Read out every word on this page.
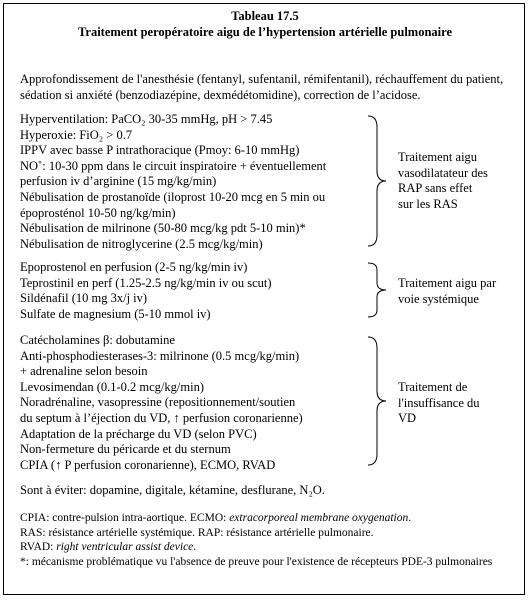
Tableau 17.5
Traitement peropératoire aigu de l’hypertension artérielle pulmonaire
Approfondissement de l'anesthésie (fentanyl, sufentanil, rémifentanil), réchauffement du patient,
sédation si anxiété (benzodiazépine, dexmédétomidine), correction de l’acidose.
Hyperventilation: PaCO₂ 30-35 mmHg, pH > 7.45
Hyperoxie: FiO₂ > 0.7
IPPV avec basse P intrathoracique (Pmoy: 6-10 mmHg)
NO˚: 10-30 ppm dans le circuit inspiratoire + éventuellement
perfusion iv d’arginine (15 mg/kg/min)
Nébulisation de prostanoïde (iloprost 10-20 mcg en 5 min ou
époprosténol 10-50 ng/kg/min)
Nébulisation de milrinone (50-80 mcg/kg pdt 5-10 min)*
Nébulisation de nitroglycerine (2.5 mcg/kg/min)
Traitement aigu
vasodilatateur des
RAP sans effet
sur les RAS
Epoprostenol en perfusion (2-5 ng/kg/min iv)
Teprostinil en perf (1.25-2.5 ng/kg/min iv ou scut)
Sildénafil (10 mg 3x/j iv)
Sulfate de magnesium (5-10 mmol iv)
Traitement aigu par
voie systémique
Catécholamines β: dobutamine
Anti-phosphodiesterases-3: milrinone (0.5 mcg/kg/min)
+ adrenaline selon besoin
Levosimendan (0.1-0.2 mcg/kg/min)
Noradrénaline, vasopressine (repositionnement/soutien
du septum à l’éjection du VD, ↑ perfusion coronarienne)
Adaptation de la précharge du VD (selon PVC)
Non-fermeture du péricarde et du sternum
CPIA (↑ P perfusion coronarienne), ECMO, RVAD
Traitement de
l'insuffisance du
VD
Sont à éviter: dopamine, digitale, kétamine, desflurane, N₂O.
CPIA: contre-pulsion intra-aortique. ECMO: extracorporeal membrane oxygenation.
RAS: résistance artérielle systémique. RAP: résistance artérielle pulmonaire.
RVAD: right ventricular assist device.
*: mécanisme problématique vu l'absence de preuve pour l'existence de récepteurs PDE-3 pulmonaires
